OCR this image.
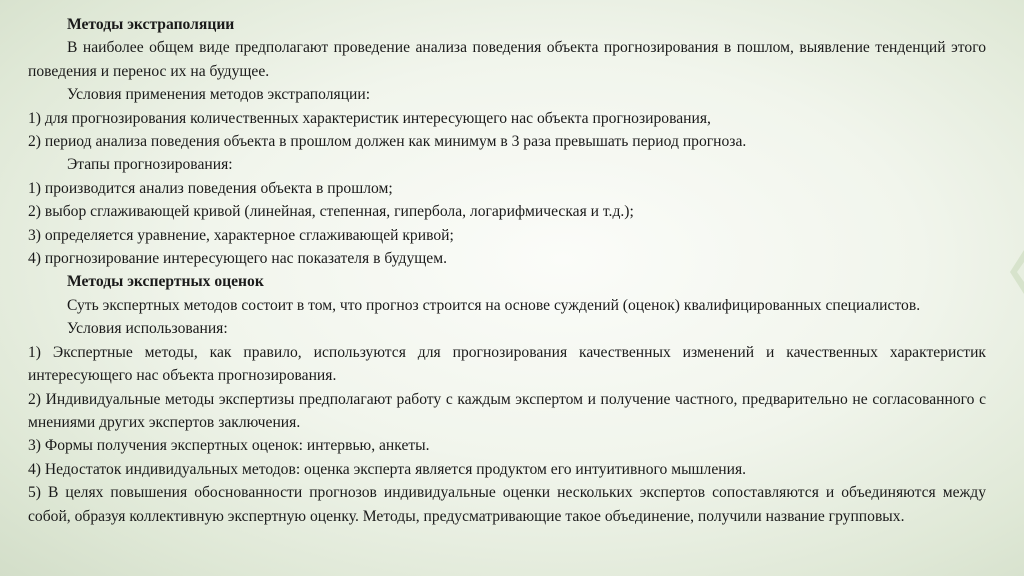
Методы экстраполяции

В наиболее общем виде предполагают проведение анализа поведения объекта прогнозирования в пошлом, выявление тенденций этого поведения и перенос их на будущее.

Условия применения методов экстраполяции:

1) для прогнозирования количественных характеристик интересующего нас объекта прогнозирования,

2) период анализа поведения объекта в прошлом должен как минимум в 3 раза превышать период прогноза.

Этапы прогнозирования:

1) производится анализ поведения объекта в прошлом;

2) выбор сглаживающей кривой (линейная, степенная, гипербола, логарифмическая и т.д.);

3) определяется уравнение, характерное сглаживающей кривой;

4) прогнозирование интересующего нас показателя в будущем.

Методы экспертных оценок

Суть экспертных методов состоит в том, что прогноз строится на основе суждений (оценок) квалифицированных специалистов.

Условия использования:

1) Экспертные методы, как правило, используются для прогнозирования качественных изменений и качественных характеристик интересующего нас объекта прогнозирования.

2) Индивидуальные методы экспертизы предполагают работу с каждым экспертом и получение частного, предварительно не согласованного с мнениями других экспертов заключения.

3) Формы получения экспертных оценок: интервью, анкеты.

4) Недостаток индивидуальных методов: оценка эксперта является продуктом его интуитивного мышления.

5) В целях повышения обоснованности прогнозов индивидуальные оценки нескольких экспертов сопоставляются и объединяются между собой, образуя коллективную экспертную оценку. Методы, предусматривающие такое объединение, получили название групповых.
